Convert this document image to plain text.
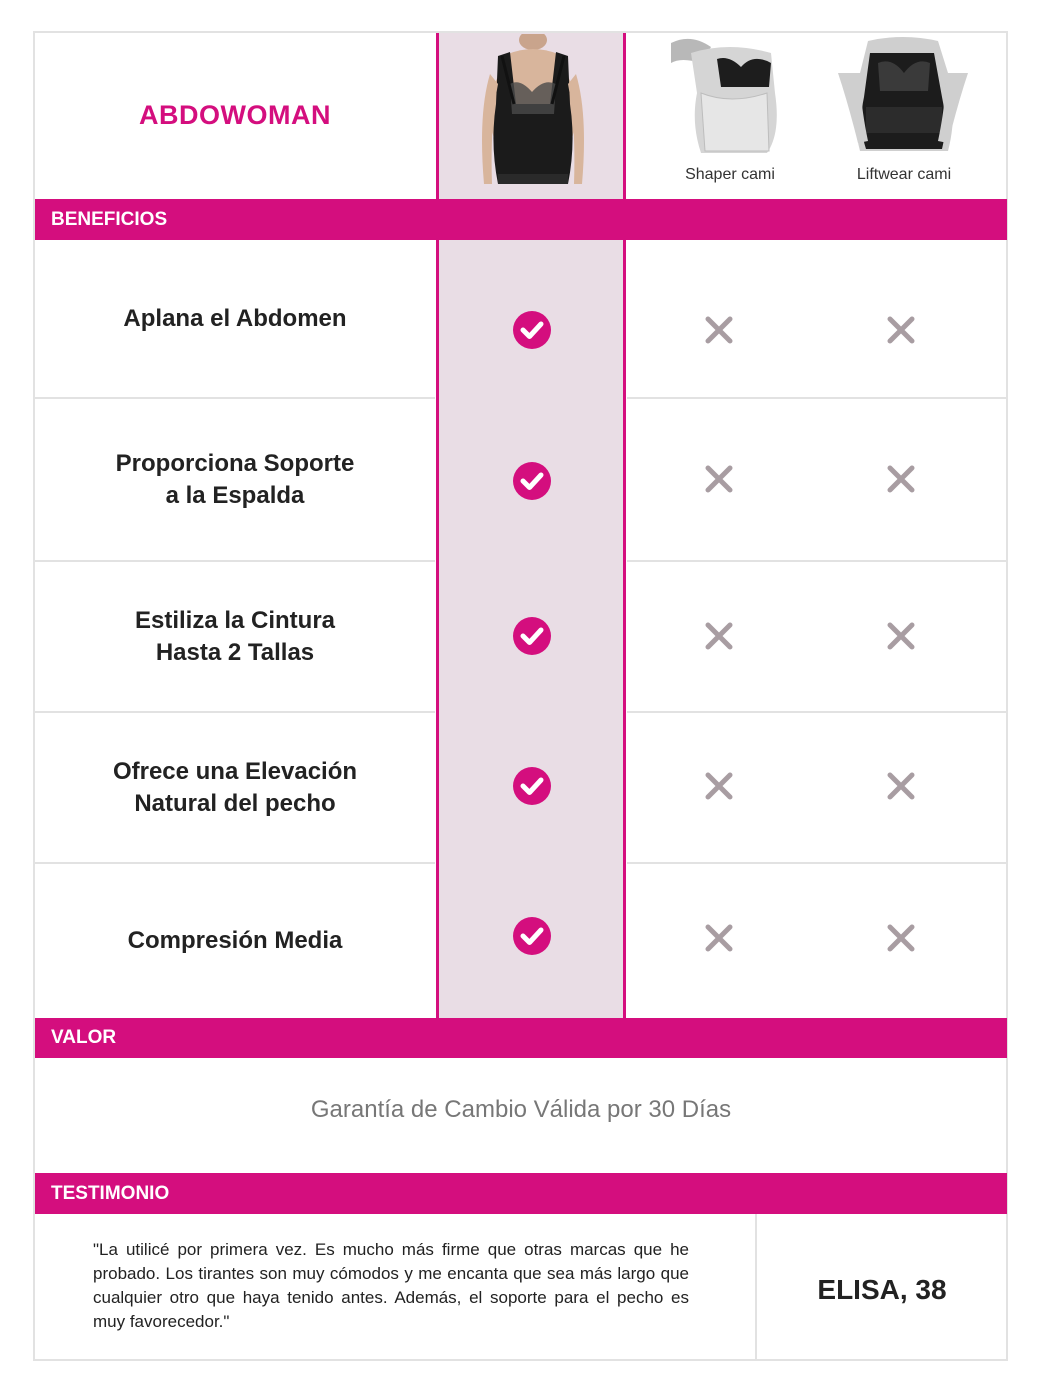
ABDOWOMAN
Shaper cami	Liftwear cami
BENEFICIOS
VALOR
TESTIMONIO
Aplana el Abdomen
Proporciona Soporte
a la Espalda
Estiliza la Cintura
Hasta 2 Tallas
Ofrece una Elevación
Natural del pecho
Compresión Media
Garantía de Cambio Válida por 30 Días
"La utilicé por primera vez. Es mucho más firme que otras marcas que he probado. Los tirantes son muy cómodos y me encanta que sea más largo que cualquier otro que haya tenido antes. Además, el soporte para el pecho es muy favorecedor."
ELISA, 38
